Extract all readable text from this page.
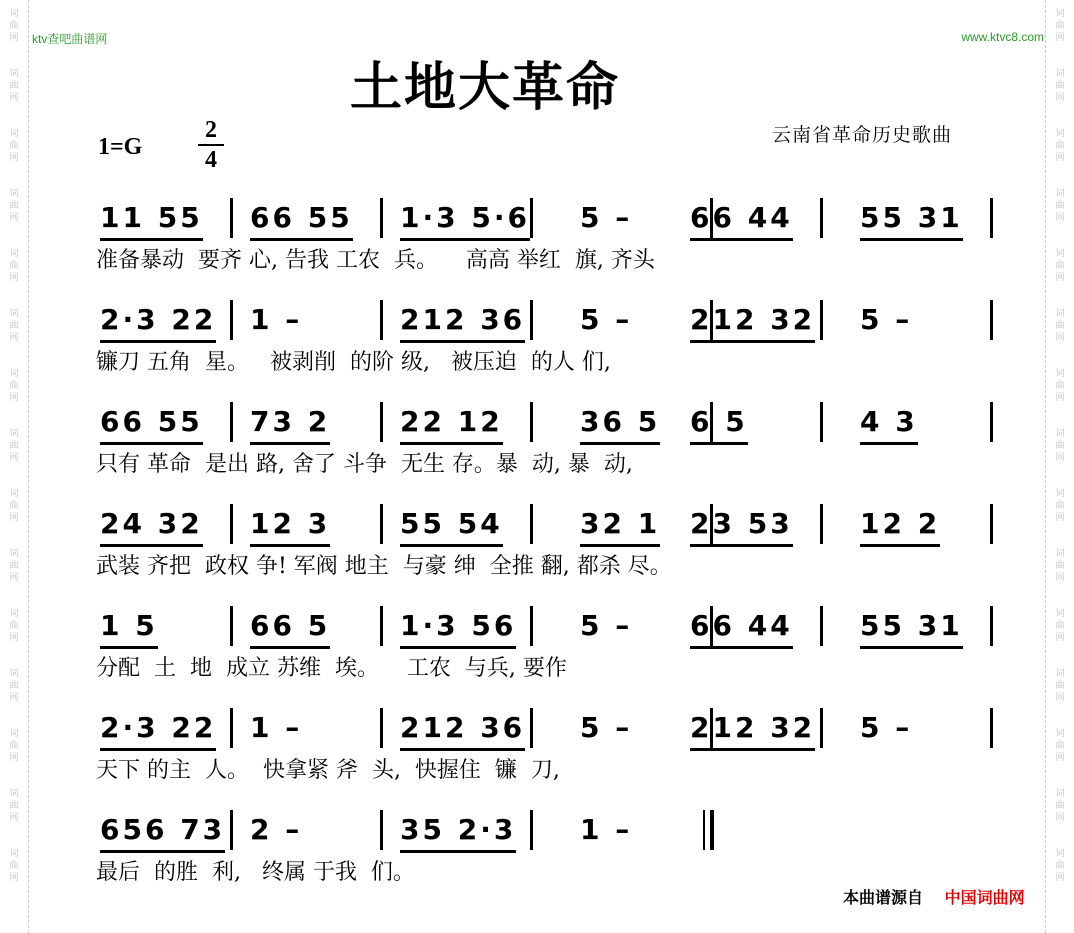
词
曲
网
词
曲
网
词
曲
网
词
曲
网
词
曲
网
词
曲
网
词
曲
网
词
曲
网
词
曲
网
词
曲
网
词
曲
网
词
曲
网
词
曲
网
词
曲
网
词
曲
网
词
曲
网
词
曲
网
词
曲
网
词
曲
网
词
曲
网
词
曲
网
词
曲
网
词
曲
网
词
曲
网
词
曲
网
词
曲
网
词
曲
网
词
曲
网
词
曲
网
词
曲
网
ktv查吧曲谱网	www.ktvc8.com
土地大革命
云南省革命历史歌曲
$1=G \frac{2}{4}$
11 55 66 55 1·3 5·6 5 – 66 44 55 31
准备暴动  要齐 心, 告我 工农  兵。    高高 举红  旗, 齐头
2·3 22 1 –	212 36 5 – 212 32 5 –
镰刀 五角  星。   被剥削  的阶 级,   被压迫  的人 们,
66 55 73 2 22 12	36 5 6 5	4 3
只有 革命  是出 路, 舍了 斗争  无生 存。暴  动, 暴  动,
24 32 12 3 55 54	32 1 23 53 12 2
武装 齐把  政权 争! 军阀 地主  与豪 绅  全推 翻, 都杀 尽。
1 5	66 5 1·3 56 5 – 66 44 55 31
分配  土  地  成立 苏维  埃。    工农  与兵, 要作
2·3 22 1 –	212 36 5 – 212 32 5 –
天下 的主  人。  快拿紧 斧  头,  快握住  镰  刀,
656 73 2 –	35 2·3 1 –
最后  的胜  利,   终属 于我  们。
本曲谱源自 中国词曲网
